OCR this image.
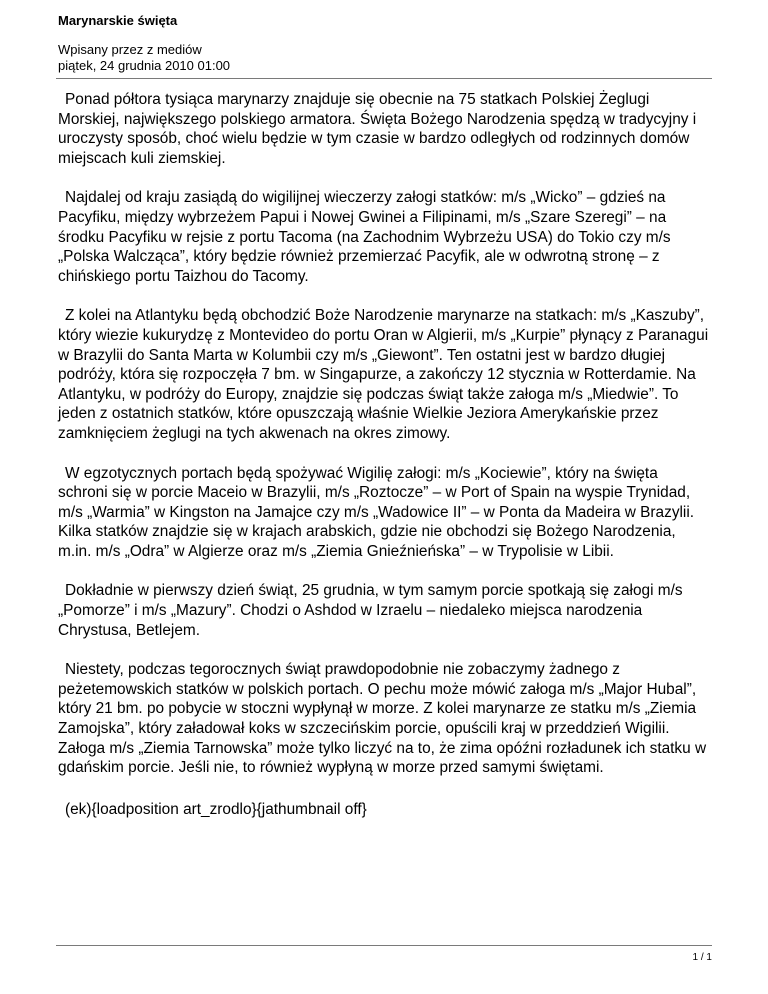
Marynarskie święta
Wpisany przez z mediów
piątek, 24 grudnia 2010 01:00

Ponad półtora tysiąca marynarzy znajduje się obecnie na 75 statkach Polskiej Żeglugi Morskiej, największego polskiego armatora. Święta Bożego Narodzenia spędzą w tradycyjny i uroczysty sposób, choć wielu będzie w tym czasie w bardzo odległych od rodzinnych domów miejscach kuli ziemskiej.

Najdalej od kraju zasiądą do wigilijnej wieczerzy załogi statków: m/s „Wicko” – gdzieś na Pacyfiku, między wybrzeżem Papui i Nowej Gwinei a Filipinami, m/s „Szare Szeregi” – na środku Pacyfiku w rejsie z portu Tacoma (na Zachodnim Wybrzeżu USA) do Tokio czy m/s „Polska Walcząca”, który będzie również przemierzać Pacyfik, ale w odwrotną stronę – z chińskiego portu Taizhou do Tacomy.

Z kolei na Atlantyku będą obchodzić Boże Narodzenie marynarze na statkach: m/s „Kaszuby”, który wiezie kukurydzę z Montevideo do portu Oran w Algierii, m/s „Kurpie” płynący z Paranagui w Brazylii do Santa Marta w Kolumbii czy m/s „Giewont”. Ten ostatni jest w bardzo długiej podróży, która się rozpoczęła 7 bm. w Singapurze, a zakończy 12 stycznia w Rotterdamie. Na Atlantyku, w podróży do Europy, znajdzie się podczas świąt także załoga m/s „Miedwie”. To jeden z ostatnich statków, które opuszczają właśnie Wielkie Jeziora Amerykańskie przez zamknięciem żeglugi na tych akwenach na okres zimowy.

W egzotycznych portach będą spożywać Wigilię załogi: m/s „Kociewie”, który na święta schroni się w porcie Maceio w Brazylii, m/s „Roztocze” – w Port of Spain na wyspie Trynidad, m/s „Warmia” w Kingston na Jamajce czy m/s „Wadowice II” – w Ponta da Madeira w Brazylii. Kilka statków znajdzie się w krajach arabskich, gdzie nie obchodzi się Bożego Narodzenia, m.in. m/s „Odra” w Algierze oraz m/s „Ziemia Gnieźnieńska” – w Trypolisie w Libii.

Dokładnie w pierwszy dzień świąt, 25 grudnia, w tym samym porcie spotkają się załogi m/s „Pomorze” i m/s „Mazury”. Chodzi o Ashdod w Izraelu – niedaleko miejsca narodzenia Chrystusa, Betlejem.

Niestety, podczas tegorocznych świąt prawdopodobnie nie zobaczymy żadnego z peżetemowskich statków w polskich portach. O pechu może mówić załoga m/s „Major Hubal”, który 21 bm. po pobycie w stoczni wypłynął w morze. Z kolei marynarze ze statku m/s „Ziemia Zamojska”, który załadował koks w szczecińskim porcie, opuścili kraj w przeddzień Wigilii. Załoga m/s „Ziemia Tarnowska” może tylko liczyć na to, że zima opóźni rozładunek ich statku w gdańskim porcie. Jeśli nie, to również wypłyną w morze przed samymi świętami.

(ek){loadposition art_zrodlo}{jathumbnail off}

1 / 1
